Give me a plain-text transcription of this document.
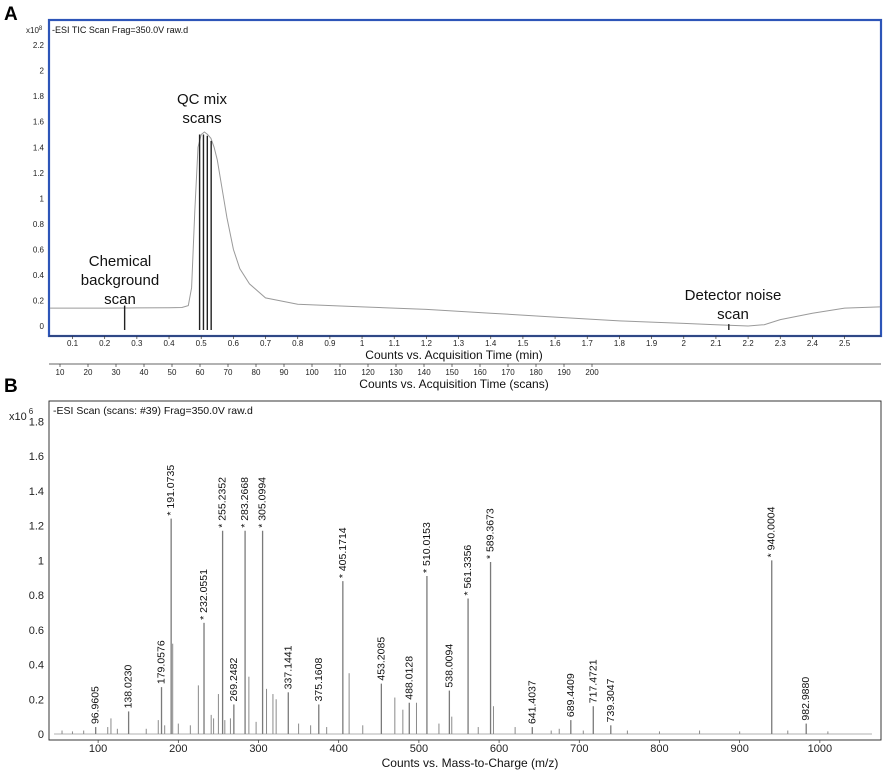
A
-ESI TIC Scan Frag=350.0V raw.d
$x10^8$
0
0.2
0.4
0.6
0.8
1
1.2
1.4
1.6
1.8
2
2.2
0.1	0.2	0.3	0.4	0.5	0.6	0.7	0.8	0.9	1	1.1	1.2	1.3	1.4	1.5	1.6	1.7	1.8	1.9	2	2.1	2.2	2.3	2.4	2.5
10 20 30 40 50 60 70 80 90 100 110 120 130 140 150 160 170 180 190 200
QC mix scans
Chemical background scan	Detector noise scan
Counts vs. Acquisition Time (min)
Counts vs. Acquisition Time (scans)
B
-ESI Scan (scans: #39) Frag=350.0V raw.d
x10 $^6$
0
0.2
0.4
0.6
0.8
1
1.2
1.4
1.6
1.8
100	200	300	400	500	600	700	800	900	1000
96.9605 138.0230
179.0576
* 191.0735
* 232.0551
* 255.2352
269.2482
* 283.2668 * 305.0994
337.1441 375.1608
* 405.1714
453.2085 488.0128
* 510.0153
538.0094
* 561.3356
* 589.3673
641.4037	689.4409 717.4721 739.3047
* 940.0004
982.9880
Counts vs. Mass-to-Charge (m/z)
